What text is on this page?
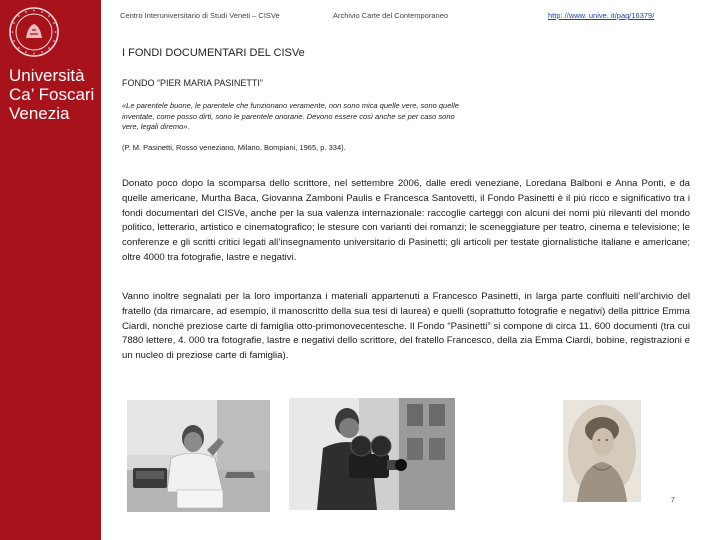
Università
Ca’ Foscari
Venezia
Centro Interuniversitario di Studi Veneti – CISVe	Archivio Carte del Contemporaneo	http: //www. unive. it/pag/16379/
I FONDI DOCUMENTARI DEL CISVe
FONDO “PIER MARIA PASINETTI”
«Le parentele buone, le parentele che funzionano veramente, non sono mica quelle vere, sono quelle inventate, come posso dirti, sono le parentele onorarie. Devono essere così anche se per caso sono vere, legali diremo».
(P. M. Pasinetti, Rosso veneziano, Milano, Bompiani, 1965, p. 334).
Donato poco dopo la scomparsa dello scrittore, nel settembre 2006, dalle eredi veneziane, Loredana Balboni e Anna Ponti, e da quelle americane, Murtha Baca, Giovanna Zamboni Paulis e Francesca Santovetti, il Fondo Pasinetti è il più ricco e significativo tra i fondi documentari del CISVe, anche per la sua valenza internazionale: raccoglie carteggi con alcuni dei nomi più rilevanti del mondo politico, letterario, artistico e cinematografico; le stesure con varianti dei romanzi; le sceneggiature per teatro, cinema e televisione; le conferenze e gli scritti critici legati all’insegnamento universitario di Pasinetti; gli articoli per testate giornalistiche italiane e americane; oltre 4000 tra fotografie, lastre e negativi.
Vanno inoltre segnalati per la loro importanza i materiali appartenuti a Francesco Pasinetti, in larga parte confluiti nell’archivio del fratello (da rimarcare, ad esempio, il manoscritto della sua tesi di laurea) e quelli (soprattutto fotografie e negativi) della pittrice Emma Ciardi, nonché preziose carte di famiglia otto-primonovecentesche. Il Fondo “Pasinetti” si compone di circa 11. 600 documenti (tra cui 7880 lettere, 4. 000 tra fotografie, lastre e negativi dello scrittore, del fratello Francesco, della zia Emma Ciardi, bobine, registrazioni e un nucleo di preziose carte di famiglia).
7
